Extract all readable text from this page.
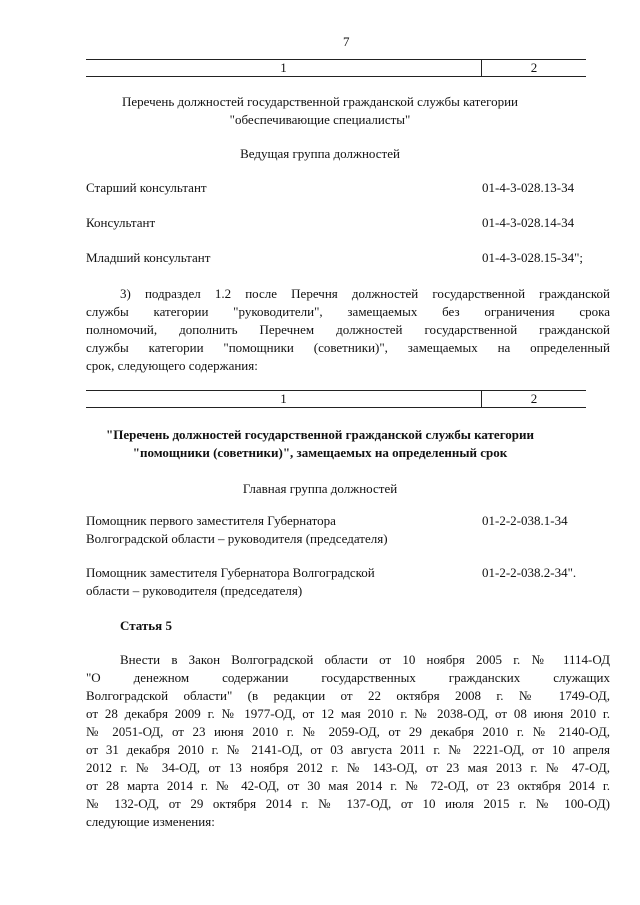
7
1	2
Перечень должностей государственной гражданской службы категории
"обеспечивающие специалисты"
Ведущая группа должностей
Старший консультант	01-4-3-028.13-34
Консультант	01-4-3-028.14-34
Младший консультант	01-4-3-028.15-34";
3) подраздел 1.2 после Перечня должностей государственной гражданской
службы категории "руководители", замещаемых без ограничения срока
полномочий, дополнить Перечнем должностей государственной гражданской
службы категории "помощники (советники)", замещаемых на определенный
срок, следующего содержания:
1	2
"Перечень должностей государственной гражданской службы категории
"помощники (советники)", замещаемых на определенный срок
Главная группа должностей
Помощник первого заместителя Губернатора
Волгоградской области – руководителя (председателя)
01-2-2-038.1-34
Помощник заместителя Губернатора Волгоградской
области – руководителя (председателя)
01-2-2-038.2-34".
Статья 5
Внести в Закон Волгоградской области от 10 ноября 2005 г. № 1114-ОД
"О денежном содержании государственных гражданских служащих
Волгоградской области" (в редакции от 22 октября 2008 г. № 1749-ОД,
от 28 декабря 2009 г. № 1977-ОД, от 12 мая 2010 г. № 2038-ОД, от 08 июня 2010 г.
№ 2051-ОД, от 23 июня 2010 г. № 2059-ОД, от 29 декабря 2010 г. № 2140-ОД,
от 31 декабря 2010 г. № 2141-ОД, от 03 августа 2011 г. № 2221-ОД, от 10 апреля
2012 г. № 34-ОД, от 13 ноября 2012 г. № 143-ОД, от 23 мая 2013 г. № 47-ОД,
от 28 марта 2014 г. № 42-ОД, от 30 мая 2014 г. № 72-ОД, от 23 октября 2014 г.
№ 132-ОД, от 29 октября 2014 г. № 137-ОД, от 10 июля 2015 г. № 100-ОД)
следующие изменения:
